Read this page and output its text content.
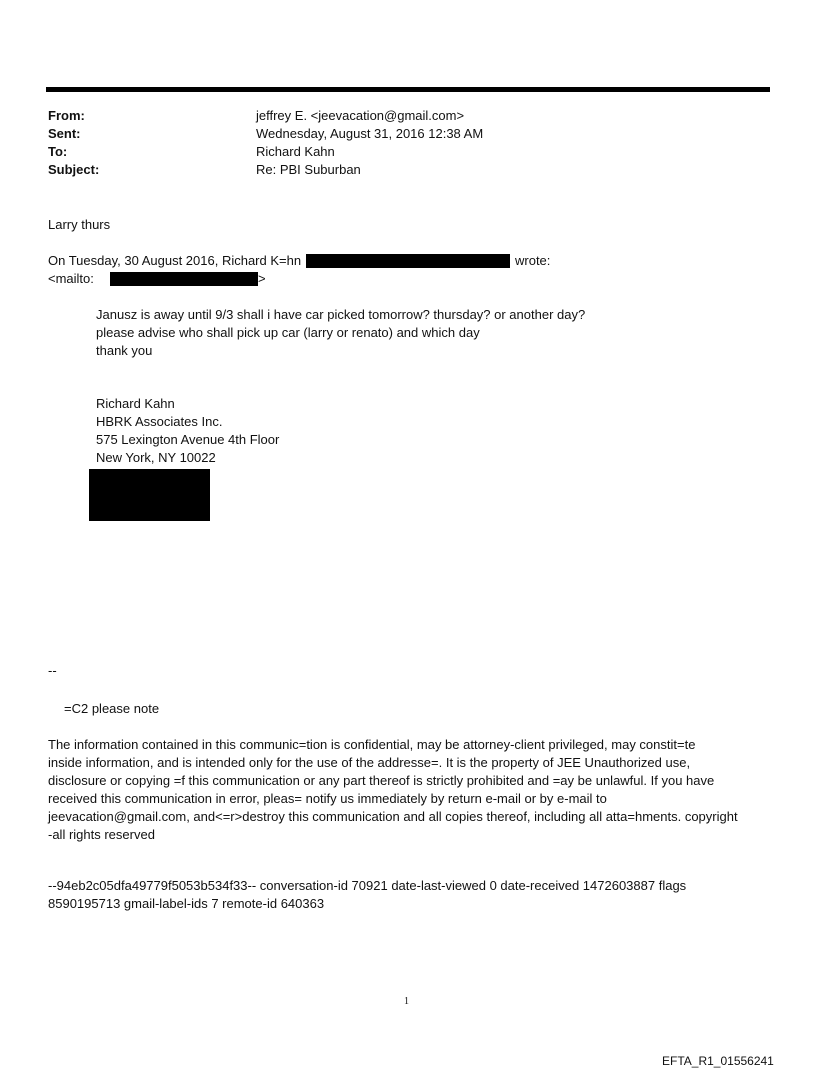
From:	jeffrey E. <jeevacation@gmail.com>
Sent:	Wednesday, August 31, 2016 12:38 AM
To:	Richard Kahn
Subject:	Re: PBI Suburban
Larry thurs
On Tuesday, 30 August 2016, Richard K=hn	wrote:
<mailto:	>
Janusz is away until 9/3 shall i have car picked tomorrow? thursday? or another day?
please advise who shall pick up car (larry or renato) and which day
thank you
Richard Kahn
HBRK Associates Inc.
575 Lexington Avenue 4th Floor
New York, NY 10022
--
=C2 please note
The information contained in this communic=tion is confidential, may be attorney-client privileged, may constit=te
inside information, and is intended only for the use of the addresse=. It is the property of JEE Unauthorized use,
disclosure or copying =f this communication or any part thereof is strictly prohibited and =ay be unlawful. If you have
received this communication in error, pleas= notify us immediately by return e-mail or by e-mail to
jeevacation@gmail.com, and<=r>destroy this communication and all copies thereof, including all atta=hments. copyright
-all rights reserved
--94eb2c05dfa49779f5053b534f33-- conversation-id 70921 date-last-viewed 0 date-received 1472603887 flags
8590195713 gmail-label-ids 7 remote-id 640363
1
EFTA_R1_01556241
